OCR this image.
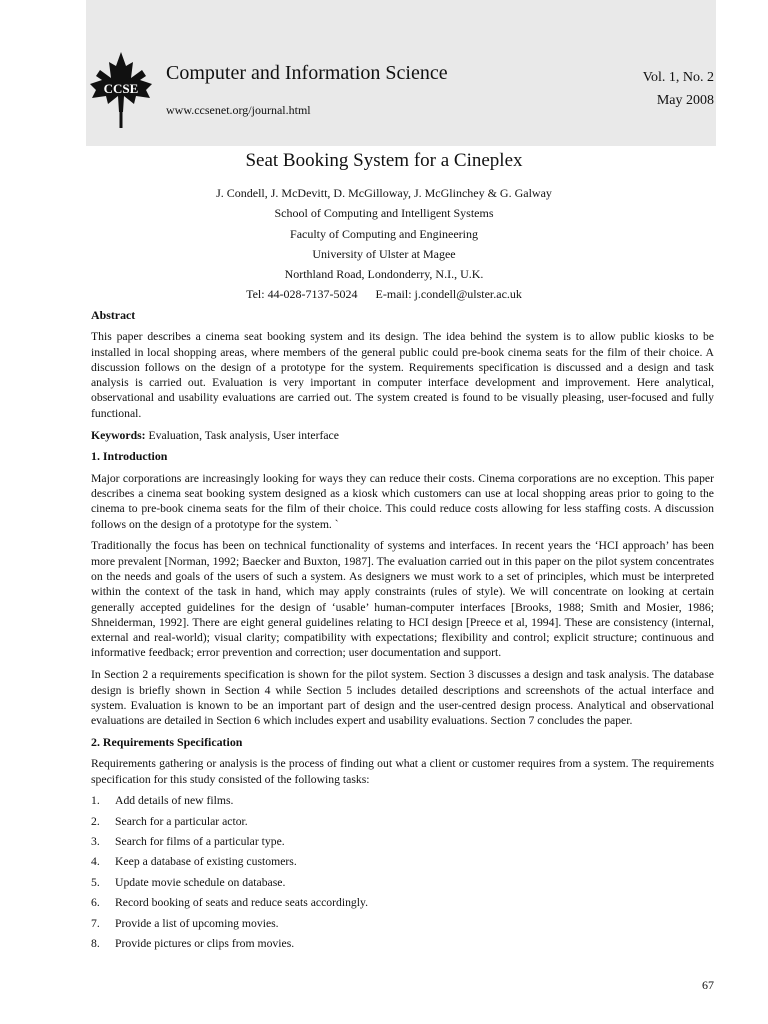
CCSE
Computer and Information Science
www.ccsenet.org/journal.html
Vol. 1, No. 2
May 2008
Seat Booking System for a Cineplex
J. Condell, J. McDevitt, D. McGilloway, J. McGlinchey & G. Galway
School of Computing and Intelligent Systems
Faculty of Computing and Engineering
University of Ulster at Magee
Northland Road, Londonderry, N.I., U.K.
Tel: 44-028-7137-5024      E-mail: j.condell@ulster.ac.uk
Abstract

This paper describes a cinema seat booking system and its design. The idea behind the system is to allow public kiosks to be installed in local shopping areas, where members of the general public could pre-book cinema seats for the film of their choice. A discussion follows on the design of a prototype for the system. Requirements specification is discussed and a design and task analysis is carried out. Evaluation is very important in computer interface development and improvement. Here analytical, observational and usability evaluations are carried out. The system created is found to be visually pleasing, user-focused and fully functional.

Keywords: Evaluation, Task analysis, User interface

1. Introduction

Major corporations are increasingly looking for ways they can reduce their costs. Cinema corporations are no exception. This paper describes a cinema seat booking system designed as a kiosk which customers can use at local shopping areas prior to going to the cinema to pre-book cinema seats for the film of their choice. This could reduce costs allowing for less staffing costs. A discussion follows on the design of a prototype for the system. `

Traditionally the focus has been on technical functionality of systems and interfaces. In recent years the ‘HCI approach’ has been more prevalent [Norman, 1992; Baecker and Buxton, 1987]. The evaluation carried out in this paper on the pilot system concentrates on the needs and goals of the users of such a system. As designers we must work to a set of principles, which must be interpreted within the context of the task in hand, which may apply constraints (rules of style). We will concentrate on looking at certain generally accepted guidelines for the design of ‘usable’ human-computer interfaces [Brooks, 1988; Smith and Mosier, 1986; Shneiderman, 1992]. There are eight general guidelines relating to HCI design [Preece et al, 1994]. These are consistency (internal, external and real-world); visual clarity; compatibility with expectations; flexibility and control; explicit structure; continuous and informative feedback; error prevention and correction; user documentation and support.

In Section 2 a requirements specification is shown for the pilot system. Section 3 discusses a design and task analysis. The database design is briefly shown in Section 4 while Section 5 includes detailed descriptions and screenshots of the actual interface and system. Evaluation is known to be an important part of design and the user-centred design process. Analytical and observational evaluations are detailed in Section 6 which includes expert and usability evaluations. Section 7 concludes the paper.

2. Requirements Specification

Requirements gathering or analysis is the process of finding out what a client or customer requires from a system. The requirements specification for this study consisted of the following tasks:

1.	Add details of new films.
2.	Search for a particular actor.
3.	Search for films of a particular type.
4.	Keep a database of existing customers.
5.	Update movie schedule on database.
6.	Record booking of seats and reduce seats accordingly.
7.	Provide a list of upcoming movies.
8.	Provide pictures or clips from movies.
67
